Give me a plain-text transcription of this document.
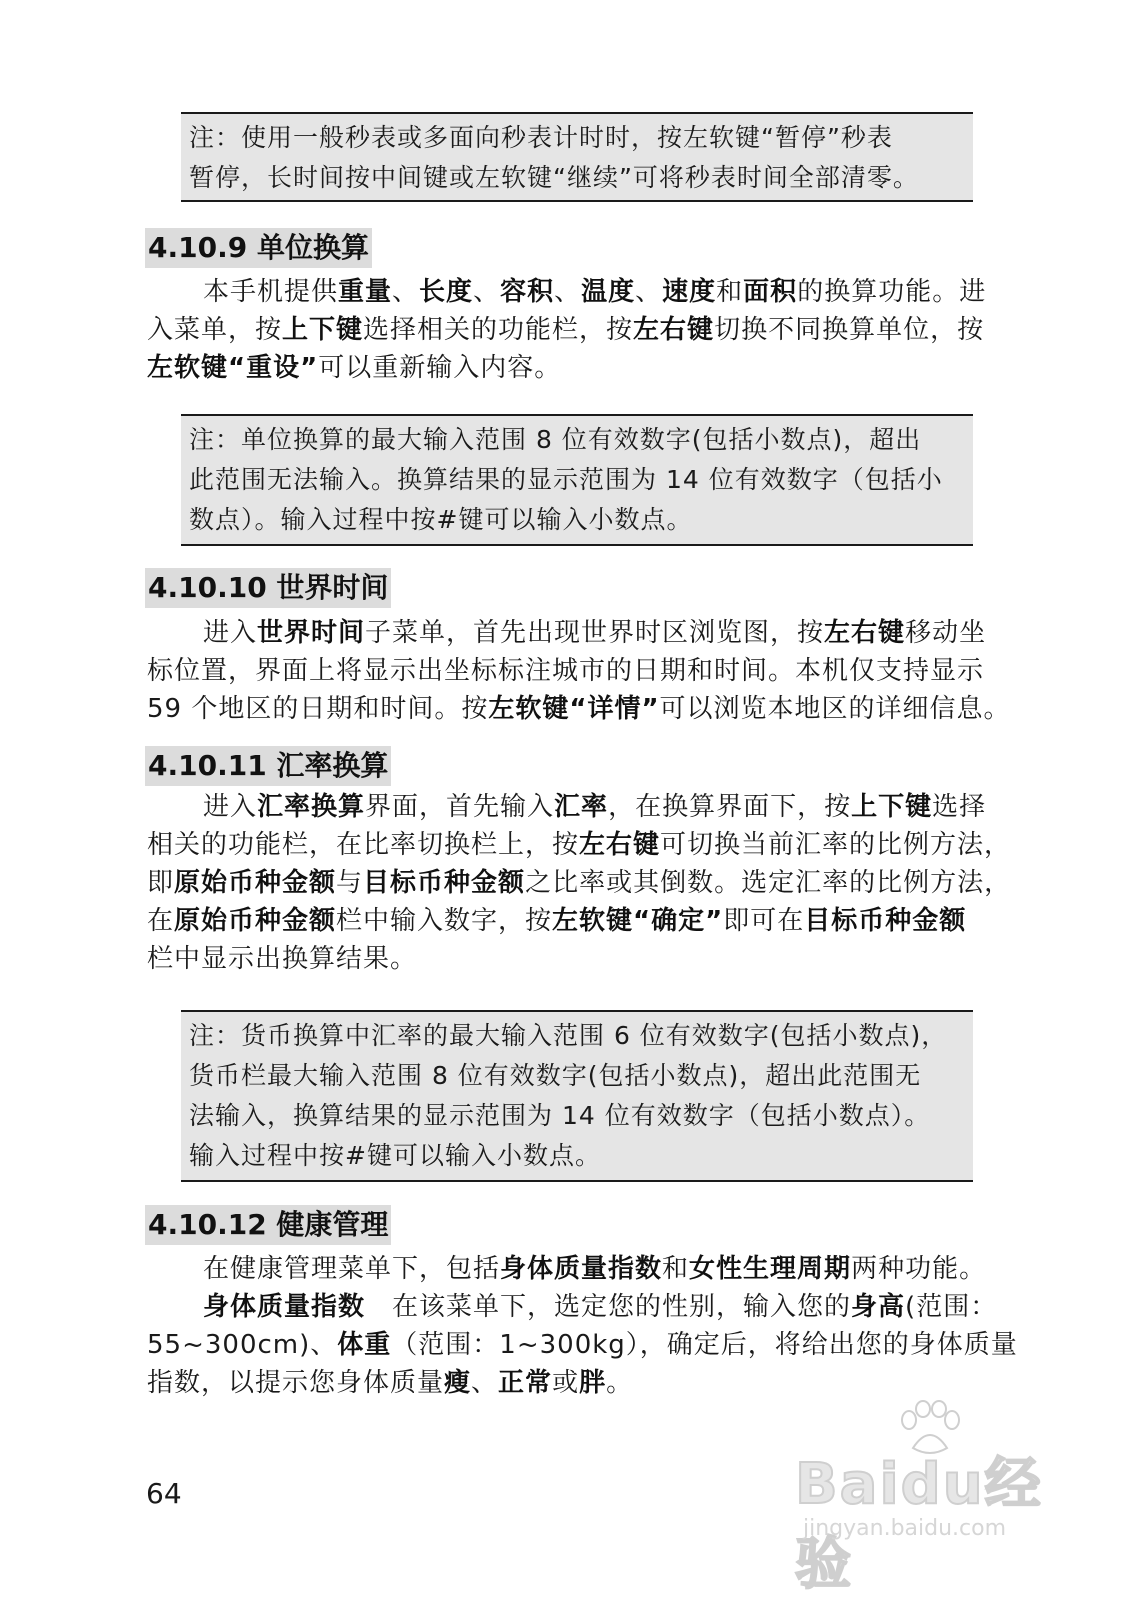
注：使用一般秒表或多面向秒表计时时，按左软键“暂停”秒表
暂停，长时间按中间键或左软键“继续”可将秒表时间全部清零。
4.10.9 单位换算
本手机提供重量、长度、容积、温度、速度和面积的换算功能。进
入菜单，按上下键选择相关的功能栏，按左右键切换不同换算单位，按
左软键“重设”可以重新输入内容。
注：单位换算的最大输入范围 8 位有效数字(包括小数点)，超出
此范围无法输入。换算结果的显示范围为 14 位有效数字（包括小
数点）。输入过程中按#键可以输入小数点。
4.10.10 世界时间
进入世界时间子菜单，首先出现世界时区浏览图，按左右键移动坐
标位置，界面上将显示出坐标标注城市的日期和时间。本机仅支持显示
59 个地区的日期和时间。按左软键“详情”可以浏览本地区的详细信息。
4.10.11 汇率换算
进入汇率换算界面，首先输入汇率，在换算界面下，按上下键选择
相关的功能栏，在比率切换栏上，按左右键可切换当前汇率的比例方法，
即原始币种金额与目标币种金额之比率或其倒数。选定汇率的比例方法，
在原始币种金额栏中输入数字，按左软键“确定”即可在目标币种金额
栏中显示出换算结果。
注：货币换算中汇率的最大输入范围 6 位有效数字(包括小数点)，
货币栏最大输入范围 8 位有效数字(包括小数点)，超出此范围无
法输入，换算结果的显示范围为 14 位有效数字（包括小数点）。
输入过程中按#键可以输入小数点。
4.10.12 健康管理
在健康管理菜单下，包括身体质量指数和女性生理周期两种功能。
身体质量指数　在该菜单下，选定您的性别，输入您的身高(范围：
55~300cm)、体重（范围：1~300kg），确定后，将给出您的身体质量
指数，以提示您身体质量瘦、正常或胖。
64	Baidu经验
jingyan.baidu.com
